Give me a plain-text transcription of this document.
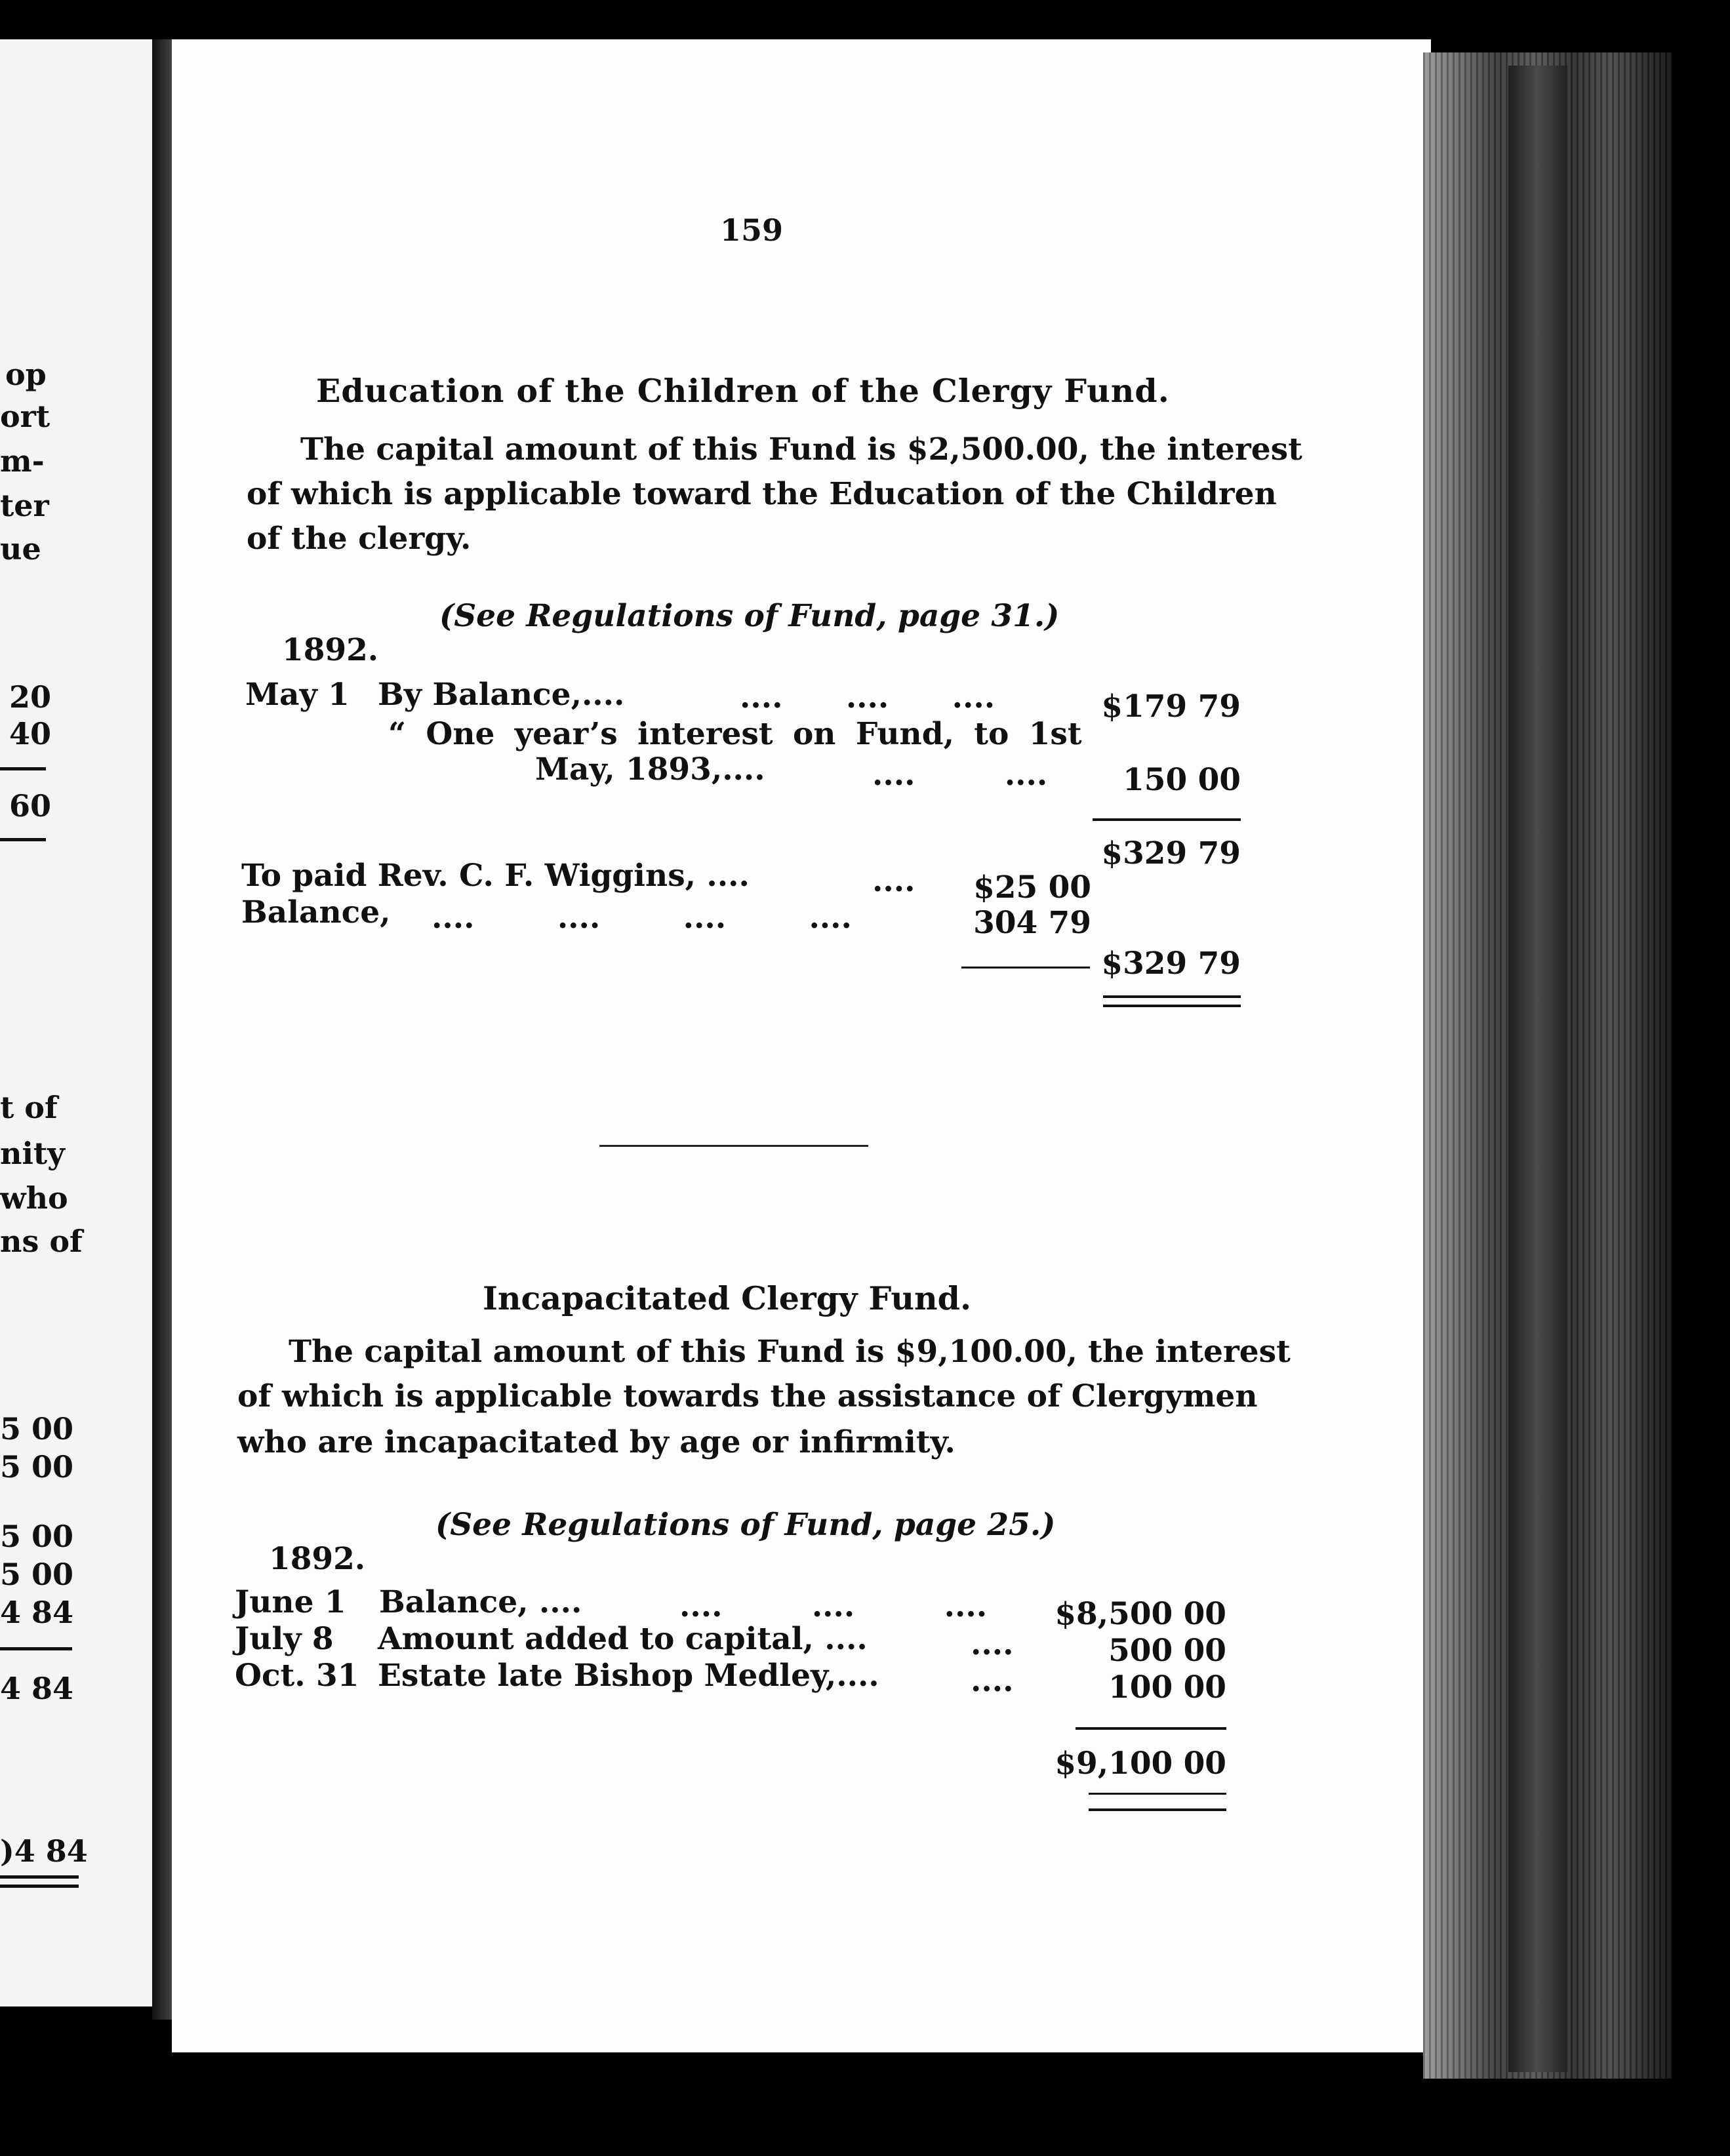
op
ort
m-
ter
ue
20
40
60
t of
nity
who
ns of
5 00
5 00
5 00
5 00
4 84
4 84
)4 84
159
Education of the Children of the Clergy Fund.
The capital amount of this Fund is $2,500.00, the interest
of which is applicable toward the Education of the Children
of the clergy.
(See Regulations of Fund, page 31.)
1892.
May 1 By Balance,....	.... .... ....	$179 79
“ One year’s interest on Fund, to 1st
May, 1893,....	.... ....	150 00
$329 79
To paid Rev. C. F. Wiggins, ....	....	$25 00
Balance, .... .... .... ....	304 79
$329 79
Incapacitated Clergy Fund.
The capital amount of this Fund is $9,100.00, the interest
of which is applicable towards the assistance of Clergymen
who are incapacitated by age or infirmity.
(See Regulations of Fund, page 25.)
1892.
June 1 Balance, ....	.... .... ....	$8,500 00
July 8 Amount added to capital, ....	....	500 00
Oct. 31 Estate late Bishop Medley,....	....	100 00
$9,100 00
